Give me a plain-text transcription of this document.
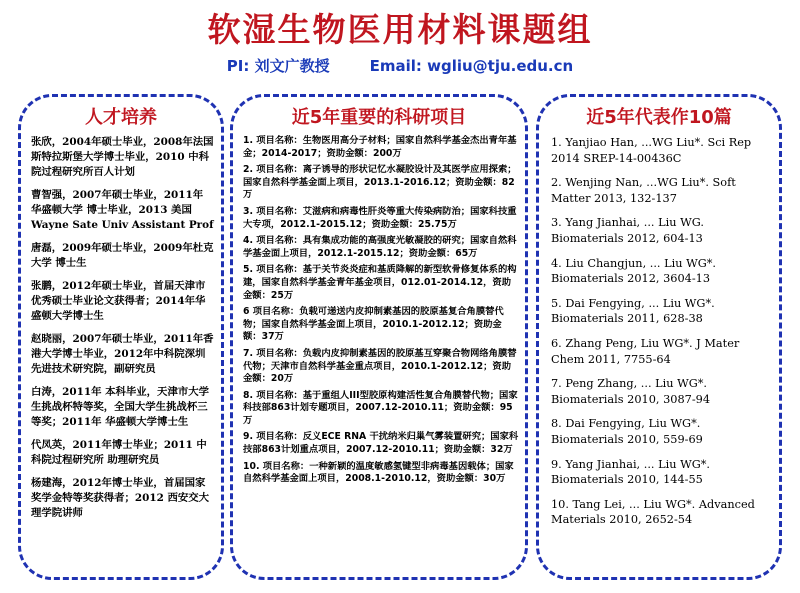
软湿生物医用材料课题组
PI: 刘文广教授	Email: wgliu@tju.edu.cn
人才培养
张欣，2004年硕士毕业，2008年法国斯特拉斯堡大学博士毕业，2010 中科院过程研究所百人计划
曹智强，2007年硕士毕业，2011年 华盛顿大学 博士毕业，2013 美国 Wayne Sate Univ Assistant Prof
唐磊，2009年硕士毕业，2009年杜克大学 博士生
张鹏，2012年硕士毕业，首届天津市优秀硕士毕业论文获得者；2014年华盛顿大学博士生
赵晓丽，2007年硕士毕业，2011年香港大学博士毕业，2012年中科院深圳先进技术研究院，副研究员
白涛，2011年 本科毕业，天津市大学生挑战杯特等奖，全国大学生挑战杯三等奖；2011年 华盛顿大学博士生
代凤英，2011年博士毕业；2011 中科院过程研究所 助理研究员
杨建海，2012年博士毕业，首届国家奖学金特等奖获得者；2012 西安交大理学院讲师
近5年重要的科研项目
1. 项目名称：生物医用高分子材料；国家自然科学基金杰出青年基金；2014-2017；资助金额：200万
2. 项目名称：离子诱导的形状记忆水凝胶设计及其医学应用探索；国家自然科学基金面上项目，2013.1-2016.12；资助金额：82万
3. 项目名称：艾滋病和病毒性肝炎等重大传染病防治；国家科技重大专项，2012.1-2015.12；资助金额：25.75万
4. 项目名称：具有集成功能的高强度光敏凝胶的研究；国家自然科学基金面上项目，2012.1-2015.12；资助金额：65万
5. 项目名称：基于关节炎炎症和基质降解的新型软骨修复体系的构建，国家自然科学基金青年基金项目，012.01-2014.12，资助金额：25万
6 项目名称：负载可递送内皮抑制素基因的胶原基复合角膜替代物；国家自然科学基金面上项目，2010.1-2012.12；资助金额：37万
7. 项目名称：负载内皮抑制素基因的胶原基互穿聚合物网络角膜替代物；天津市自然科学基金重点项目，2010.1-2012.12；资助金额：20万
8. 项目名称：基于重组人III型胶原构建活性复合角膜替代物；国家科技部863计划专题项目，2007.12-2010.11；资助金额：95万
9. 项目名称：反义ECE RNA 干扰纳米归巢气雾装置研究；国家科技部863计划重点项目，2007.12-2010.11；资助金额：32万
10. 项目名称：一种新颖的温度敏感氢键型非病毒基因载体；国家自然科学基金面上项目，2008.1-2010.12，资助金额：30万
近5年代表作10篇
1. Yanjiao Han, ...WG Liu*. Sci Rep 2014 SREP-14-00436C
2. Wenjing Nan, ...WG Liu*. Soft Matter 2013, 132-137
3. Yang Jianhai, ... Liu WG. Biomaterials 2012, 604-13
4. Liu Changjun, ... Liu WG*. Biomaterials 2012, 3604-13
5. Dai Fengying, ... Liu WG*. Biomaterials 2011, 628-38
6. Zhang Peng, Liu WG*. J Mater Chem 2011, 7755-64
7. Peng Zhang, ... Liu WG*. Biomaterials 2010, 3087-94
8. Dai Fengying, Liu WG*. Biomaterials 2010, 559-69
9. Yang Jianhai, ... Liu WG*. Biomaterials 2010, 144-55
10. Tang Lei, ... Liu WG*. Advanced Materials 2010, 2652-54
